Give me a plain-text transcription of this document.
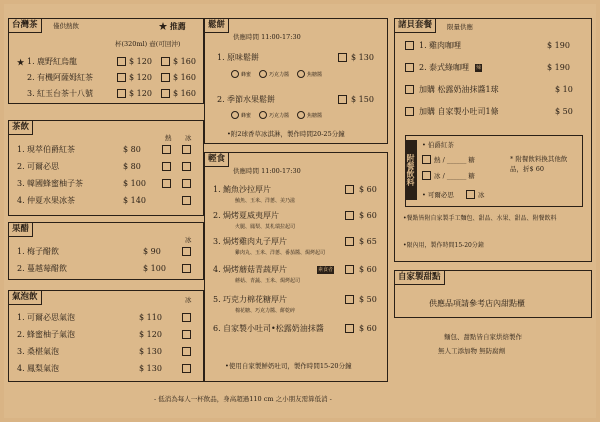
台灣茶	僅供熱飲	★ 推薦
杯(320ml) 壺(可回沖)
★ 1. 鹿野紅烏龍	$ 120	$ 160
2. 有機阿薩姆紅茶	$ 120	$ 160
3. 紅玉台茶十八號	$ 120	$ 160
茶飲
熱 冰
1. 現萃伯爵紅茶	$ 80
2. 可爾必思	$ 80
3. 韓國蜂蜜柚子茶	$ 100
4. 仲夏水果冰茶	$ 140
果醋
冰
1. 梅子醋飲	$ 90
2. 蔓越莓醋飲	$ 100
氣泡飲	冰
1. 可爾必思氣泡	$ 110
2. 蜂蜜柚子氣泡	$ 120
3. 桑椹氣泡	$ 130
4. 鳳梨氣泡	$ 130
鬆餅
供應時間 11:00-17:30
1. 原味鬆餅	$ 130
蜂蜜	巧克力醬	焦糖醬
2. 季節水果鬆餅	$ 150
蜂蜜	巧克力醬	焦糖醬
•附2球香草冰淇淋，製作時間20-25分鐘
輕食
供應時間 11:00-17:30
1. 鮪魚沙拉厚片
鮪魚、玉米、洋蔥、美乃滋
$ 60
2. 焗烤夏威夷厚片
火腿、鳳梨、莫札瑞拉起司
$ 60
3. 焗烤雞肉丸子厚片
雞肉丸、玉米、洋蔥、番茄醬、焗烤起司
$ 65
4. 焗烤蘑菇青蔬厚片	素食者
蘑菇、青蔬、玉米、焗烤起司
$ 60
5. 巧克力棉花糖厚片
棉花糖、巧克力醬、餅乾碎
$ 50
6. 自家製小吐司•松露奶油抹醬	$ 60
•使用自家製鮮奶吐司，製作時間15-20分鐘
諸貝套餐	限量供應
1. 雞肉咖哩	$ 190
2. 泰式綠咖哩 辣	$ 190
加購 松露奶油抹醬1球	$ 10
加購 自家製小吐司1條	$ 50
附餐飲料
• 伯爵紅茶
熱 / ______ 糖
冰 / ______ 糖
• 可爾必思	冰
* 附餐飲料換其他飲品，折$ 60
•餐點皆附自家製手工麵包、甜品、水果、甜品、附餐飲料
•限內用，製作時間15-20分鐘
自家製甜點
供應品項請參考店內甜點櫃
麵包、甜點皆自家烘焙製作
無人工添加物 無防腐劑
- 低消為每人一杯飲品，身高超過110 cm 之小朋友需算低消 -
